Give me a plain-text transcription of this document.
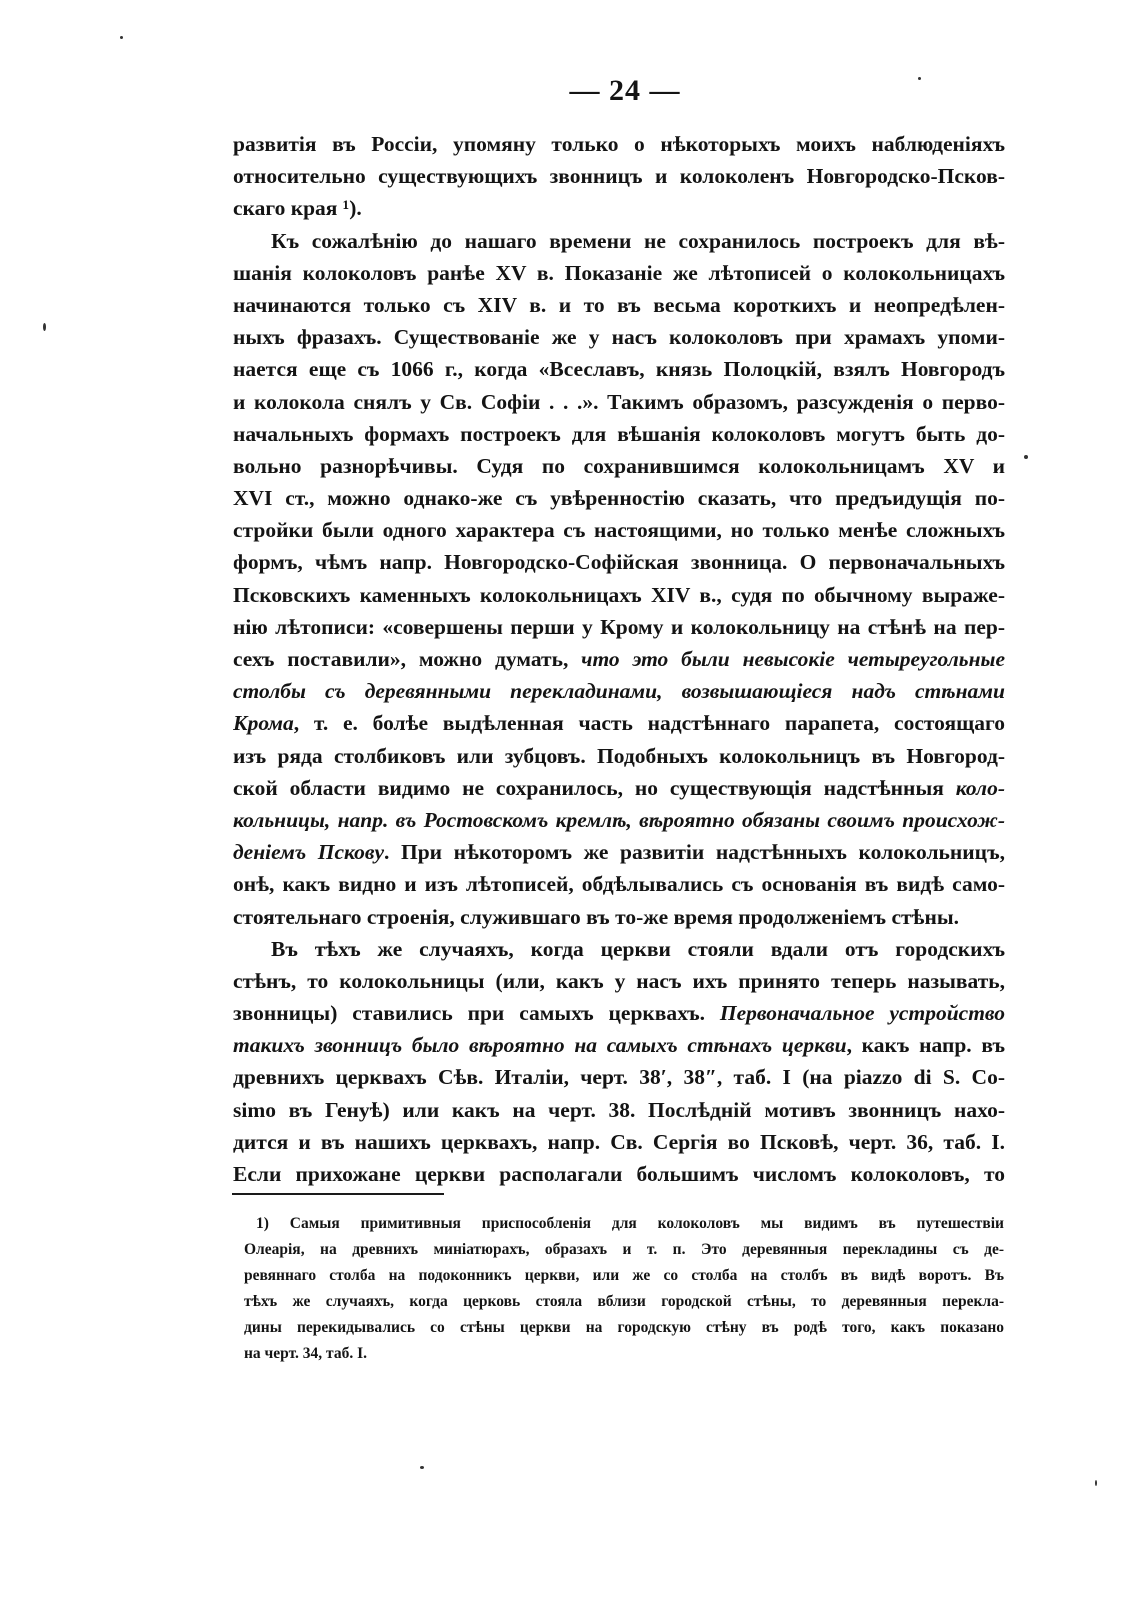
— 24 —
развитія въ Россіи, упомяну только о нѣкоторыхъ моихъ наблюденіяхъ
относительно существующихъ звонницъ и колоколенъ Новгородско-Псков-
скаго края ¹).
Къ сожалѣнію до нашаго времени не сохранилось построекъ для вѣ-
шанія колоколовъ ранѣе XV в. Показаніе же лѣтописей о колокольницахъ
начинаются только съ XIV в. и то въ весьма короткихъ и неопредѣлен-
ныхъ фразахъ. Существованіе же у насъ колоколовъ при храмахъ упоми-
нается еще съ 1066 г., когда «Всеславъ, князь Полоцкій, взялъ Новгородъ
и колокола снялъ у Св. Софіи . . .». Такимъ образомъ, разсужденія о перво-
начальныхъ формахъ построекъ для вѣшанія колоколовъ могутъ быть до-
вольно разнорѣчивы. Судя по сохранившимся колокольницамъ XV и
XVI ст., можно однако-же съ увѣренностію сказать, что предъидущія по-
стройки были одного характера съ настоящими, но только менѣе сложныхъ
формъ, чѣмъ напр. Новгородско-Софійская звонница. О первоначальныхъ
Псковскихъ каменныхъ колокольницахъ XIV в., судя по обычному выраже-
нію лѣтописи: «совершены перши у Крому и колокольницу на стѣнѣ на пер-
сехъ поставили», можно думать, что это были невысокіе четыреугольные
столбы съ деревянными перекладинами, возвышающіеся надъ стѣнами
Крома, т. е. болѣе выдѣленная часть надстѣннаго парапета, состоящаго
изъ ряда столбиковъ или зубцовъ. Подобныхъ колокольницъ въ Новгород-
ской области видимо не сохранилось, но существующія надстѣнныя коло-
кольницы, напр. въ Ростовскомъ кремлѣ, вѣроятно обязаны своимъ происхож-
деніемъ Пскову. При нѣкоторомъ же развитіи надстѣнныхъ колокольницъ,
онѣ, какъ видно и изъ лѣтописей, обдѣлывались съ основанія въ видѣ само-
стоятельнаго строенія, служившаго въ то-же время продолженіемъ стѣны.
Въ тѣхъ же случаяхъ, когда церкви стояли вдали отъ городскихъ
стѣнъ, то колокольницы (или, какъ у насъ ихъ принято теперь называть,
звонницы) ставились при самыхъ церквахъ. Первоначальное устройство
такихъ звонницъ было вѣроятно на самыхъ стѣнахъ церкви, какъ напр. въ
древнихъ церквахъ Сѣв. Италіи, черт. 38′, 38″, таб. I (на piazzo di S. Co-
simo въ Генуѣ) или какъ на черт. 38. Послѣдній мотивъ звонницъ нахо-
дится и въ нашихъ церквахъ, напр. Св. Сергія во Псковѣ, черт. 36, таб. I.
Если прихожане церкви располагали большимъ числомъ колоколовъ, то
1) Самыя примитивныя приспособленія для колоколовъ мы видимъ въ путешествіи
Олеарія, на древнихъ миніатюрахъ, образахъ и т. п. Это деревянныя перекладины съ де-
ревяннаго столба на подоконникъ церкви, или же со столба на столбъ въ видѣ воротъ. Въ
тѣхъ же случаяхъ, когда церковь стояла вблизи городской стѣны, то деревянныя перекла-
дины перекидывались со стѣны церкви на городскую стѣну въ родѣ того, какъ показано
на черт. 34, таб. I.
